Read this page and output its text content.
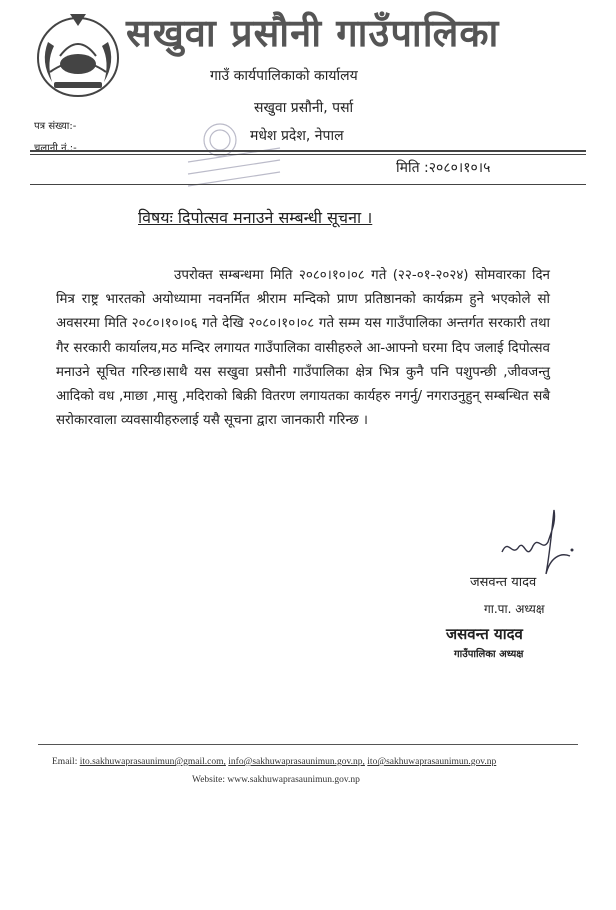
सखुवा प्रसौनी गाउँपालिका
गाउँ कार्यपालिकाको कार्यालय
सखुवा प्रसौनी, पर्सा
मधेश प्रदेश, नेपाल
पत्र संख्या:-
चलानी नं.:-
मिति :२०८०।१०।५
विषयः दिपोत्सव मनाउने सम्बन्धी सूचना ।
उपरोक्त सम्बन्धमा मिति २०८०।१०।०८ गते (२२-०१-२०२४) सोमवारका दिन मित्र राष्ट्र भारतको अयोध्यामा नवनर्मित श्रीराम मन्दिको प्राण प्रतिष्ठानको कार्यक्रम हुने भएकोले सो अवसरमा मिति २०८०।१०।०६ गते देखि २०८०।१०।०८ गते सम्म यस गाउँपालिका अन्तर्गत सरकारी तथा गैर सरकारी कार्यालय,मठ मन्दिर लगायत गाउँपालिका वासीहरुले आ-आफ्नो घरमा दिप जलाई दिपोत्सव मनाउने सूचित गरिन्छ।साथै यस सखुवा प्रसौनी गाउँपालिका क्षेत्र भित्र कुनै पनि पशुपन्छी ,जीवजन्तु आदिको वध ,माछा ,मासु ,मदिराको बिक्री वितरण लगायतका कार्यहरु नगर्नु/ नगराउनुहुन् सम्बन्धित सबै सरोकारवाला व्यवसायीहरुलाई यसै सूचना द्वारा जानकारी गरिन्छ ।
जसवन्त यादव
गा.पा. अध्यक्ष
जसवन्त यादव
गाउँपालिका अध्यक्ष
Email: ito.sakhuwaprasaunimun@gmail.com, info@sakhuwaprasaunimun.gov.np, ito@sakhuwaprasaunimun.gov.np
Website: www.sakhuwaprasaunimun.gov.np
